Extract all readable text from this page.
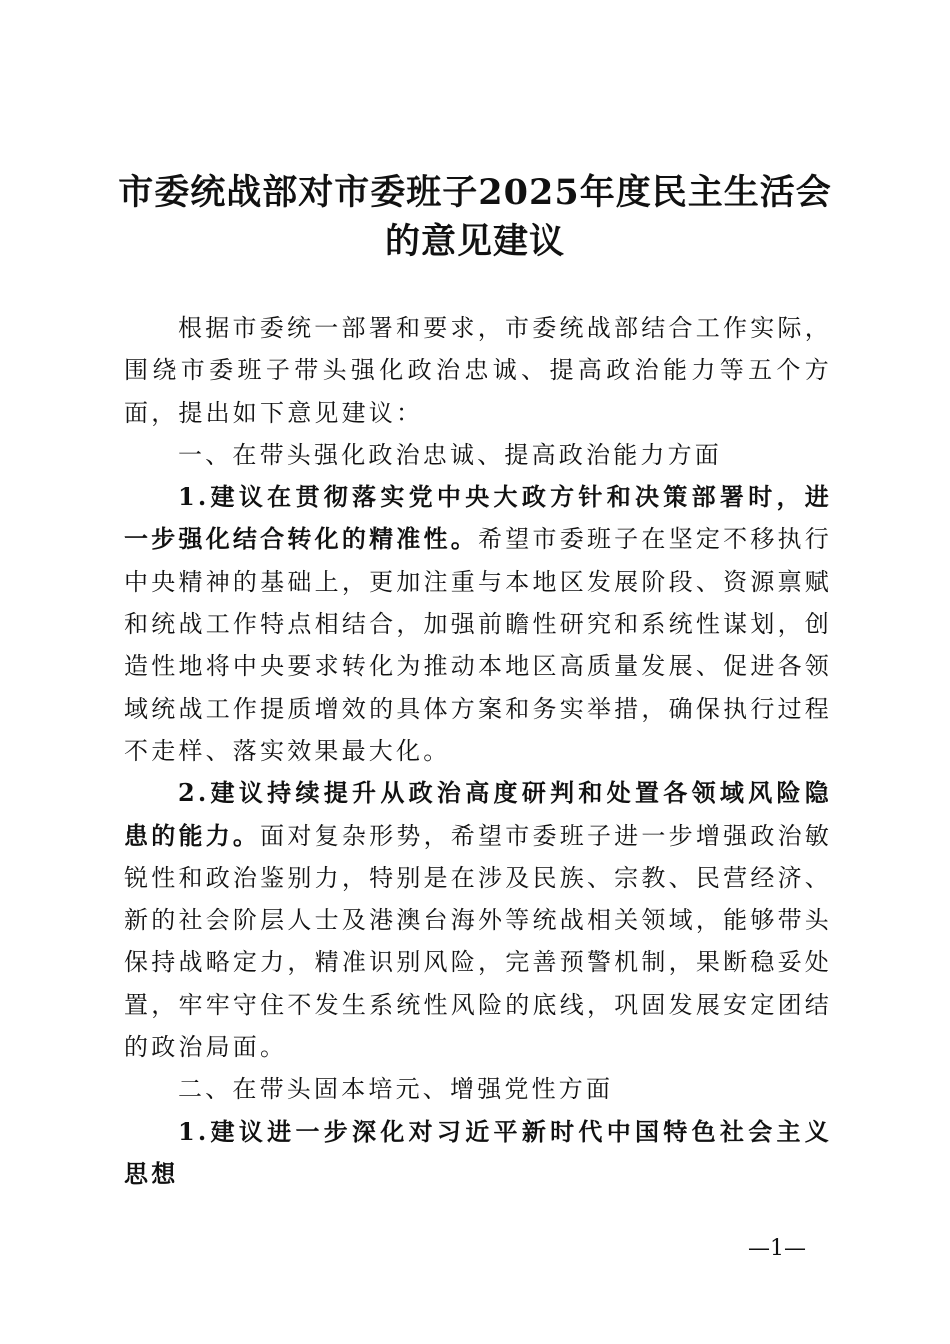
市委统战部对市委班子2025年度民主生活会
的意见建议

根据市委统一部署和要求，市委统战部结合工作实际，围绕市委班子带头强化政治忠诚、提高政治能力等五个方面，提出如下意见建议：

一、在带头强化政治忠诚、提高政治能力方面

1.建议在贯彻落实党中央大政方针和决策部署时，进一步强化结合转化的精准性。希望市委班子在坚定不移执行中央精神的基础上，更加注重与本地区发展阶段、资源禀赋和统战工作特点相结合，加强前瞻性研究和系统性谋划，创造性地将中央要求转化为推动本地区高质量发展、促进各领域统战工作提质增效的具体方案和务实举措，确保执行过程不走样、落实效果最大化。

2.建议持续提升从政治高度研判和处置各领域风险隐患的能力。面对复杂形势，希望市委班子进一步增强政治敏锐性和政治鉴别力，特别是在涉及民族、宗教、民营经济、新的社会阶层人士及港澳台海外等统战相关领域，能够带头保持战略定力，精准识别风险，完善预警机制，果断稳妥处置，牢牢守住不发生系统性风险的底线，巩固发展安定团结的政治局面。

二、在带头固本培元、增强党性方面

1.建议进一步深化对习近平新时代中国特色社会主义思想

—1—
